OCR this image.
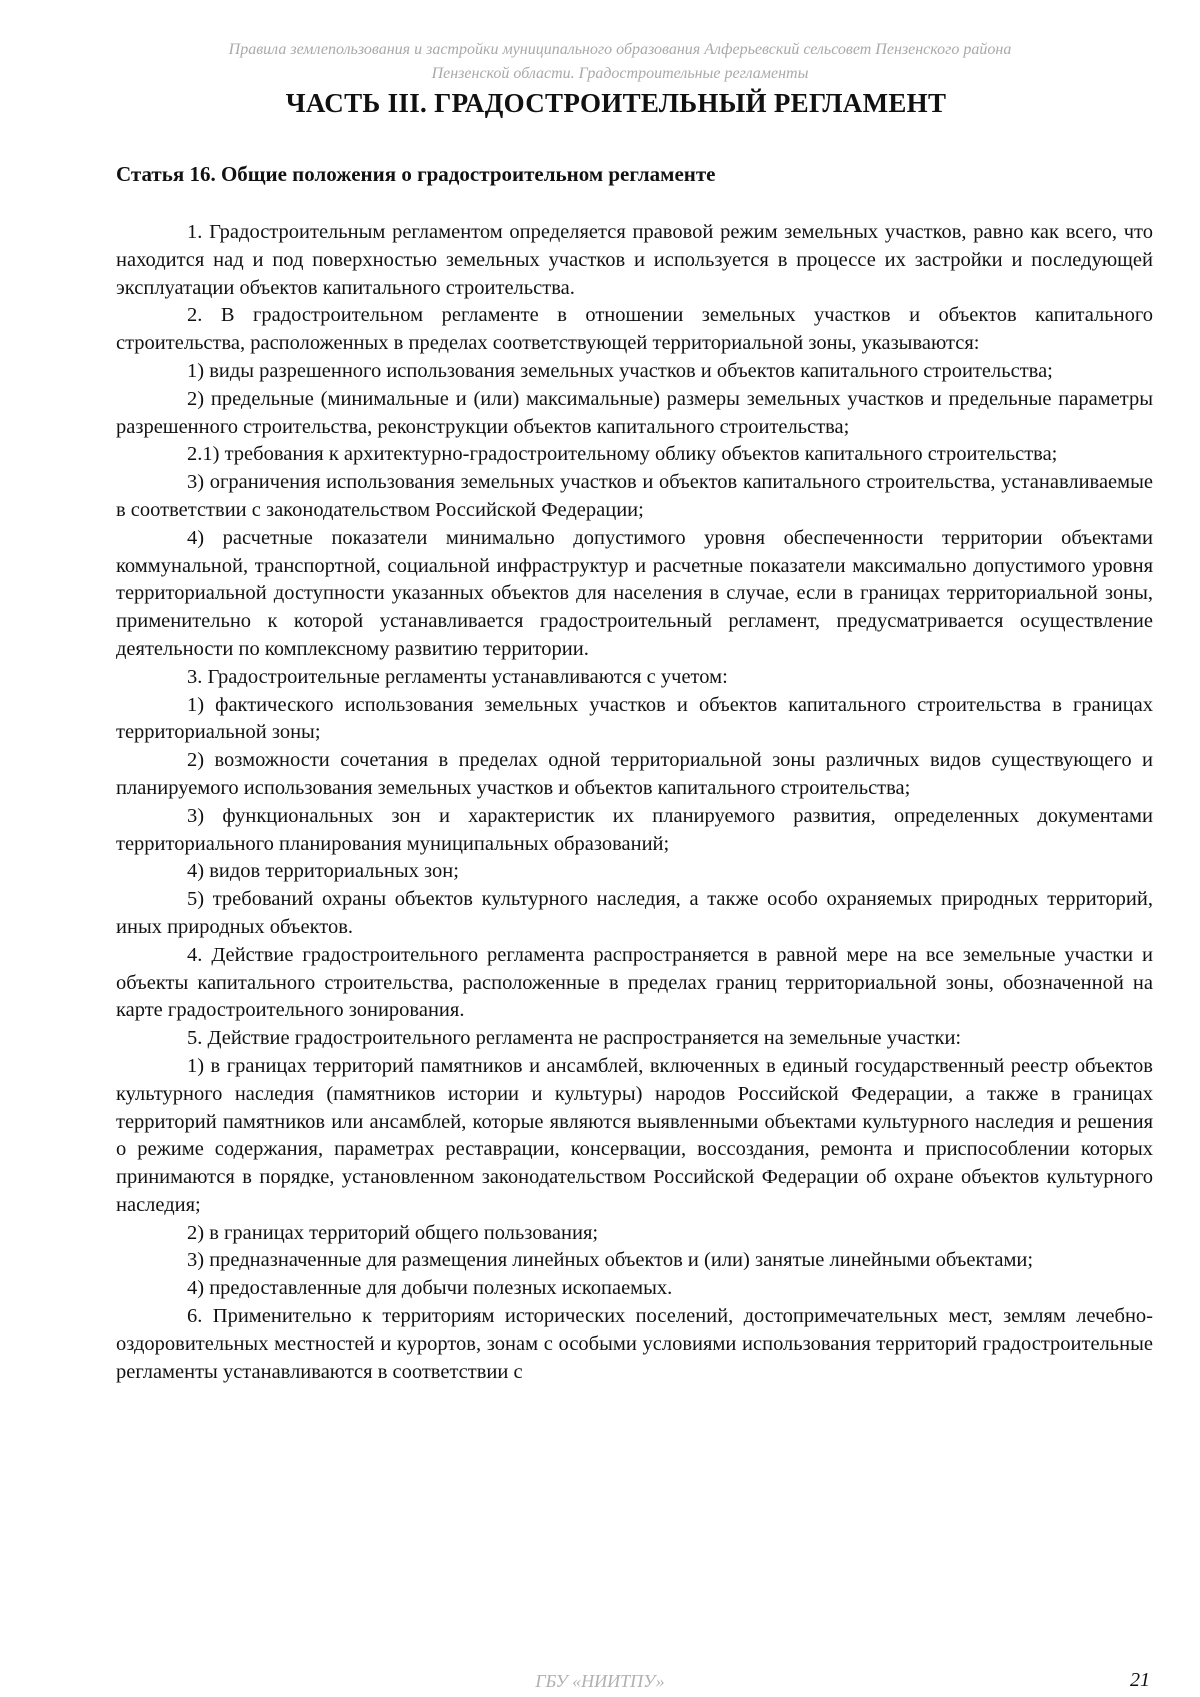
Правила землепользования и застройки муниципального образования Алферьевский сельсовет Пензенского района
Пензенской области. Градостроительные регламенты
ЧАСТЬ III. ГРАДОСТРОИТЕЛЬНЫЙ РЕГЛАМЕНТ
Статья 16. Общие положения о градостроительном регламенте

1. Градостроительным регламентом определяется правовой режим земельных участков, равно как всего, что находится над и под поверхностью земельных участков и используется в процессе их застройки и последующей эксплуатации объектов капитального строительства.

2. В градостроительном регламенте в отношении земельных участков и объектов капитального строительства, расположенных в пределах соответствующей территориальной зоны, указываются:

1) виды разрешенного использования земельных участков и объектов капитального строительства;

2) предельные (минимальные и (или) максимальные) размеры земельных участков и предельные параметры разрешенного строительства, реконструкции объектов капитального строительства;

2.1) требования к архитектурно-градостроительному облику объектов капитального строительства;

3) ограничения использования земельных участков и объектов капитального строительства, устанавливаемые в соответствии с законодательством Российской Федерации;

4) расчетные показатели минимально допустимого уровня обеспеченности территории объектами коммунальной, транспортной, социальной инфраструктур и расчетные показатели максимально допустимого уровня территориальной доступности указанных объектов для населения в случае, если в границах территориальной зоны, применительно к которой устанавливается градостроительный регламент, предусматривается осуществление деятельности по комплексному развитию территории.

3. Градостроительные регламенты устанавливаются с учетом:

1) фактического использования земельных участков и объектов капитального строительства в границах территориальной зоны;

2) возможности сочетания в пределах одной территориальной зоны различных видов существующего и планируемого использования земельных участков и объектов капитального строительства;

3) функциональных зон и характеристик их планируемого развития, определенных документами территориального планирования муниципальных образований;

4) видов территориальных зон;

5) требований охраны объектов культурного наследия, а также особо охраняемых природных территорий, иных природных объектов.

4. Действие градостроительного регламента распространяется в равной мере на все земельные участки и объекты капитального строительства, расположенные в пределах границ территориальной зоны, обозначенной на карте градостроительного зонирования.

5. Действие градостроительного регламента не распространяется на земельные участки:

1) в границах территорий памятников и ансамблей, включенных в единый государственный реестр объектов культурного наследия (памятников истории и культуры) народов Российской Федерации, а также в границах территорий памятников или ансамблей, которые являются выявленными объектами культурного наследия и решения о режиме содержания, параметрах реставрации, консервации, воссоздания, ремонта и приспособлении которых принимаются в порядке, установленном законодательством Российской Федерации об охране объектов культурного наследия;

2) в границах территорий общего пользования;

3) предназначенные для размещения линейных объектов и (или) занятые линейными объектами;

4) предоставленные для добычи полезных ископаемых.

6. Применительно к территориям исторических поселений, достопримечательных мест, землям лечебно-оздоровительных местностей и курортов, зонам с особыми условиями использования территорий градостроительные регламенты устанавливаются в соответствии с

ГБУ «НИИТПУ»	21
